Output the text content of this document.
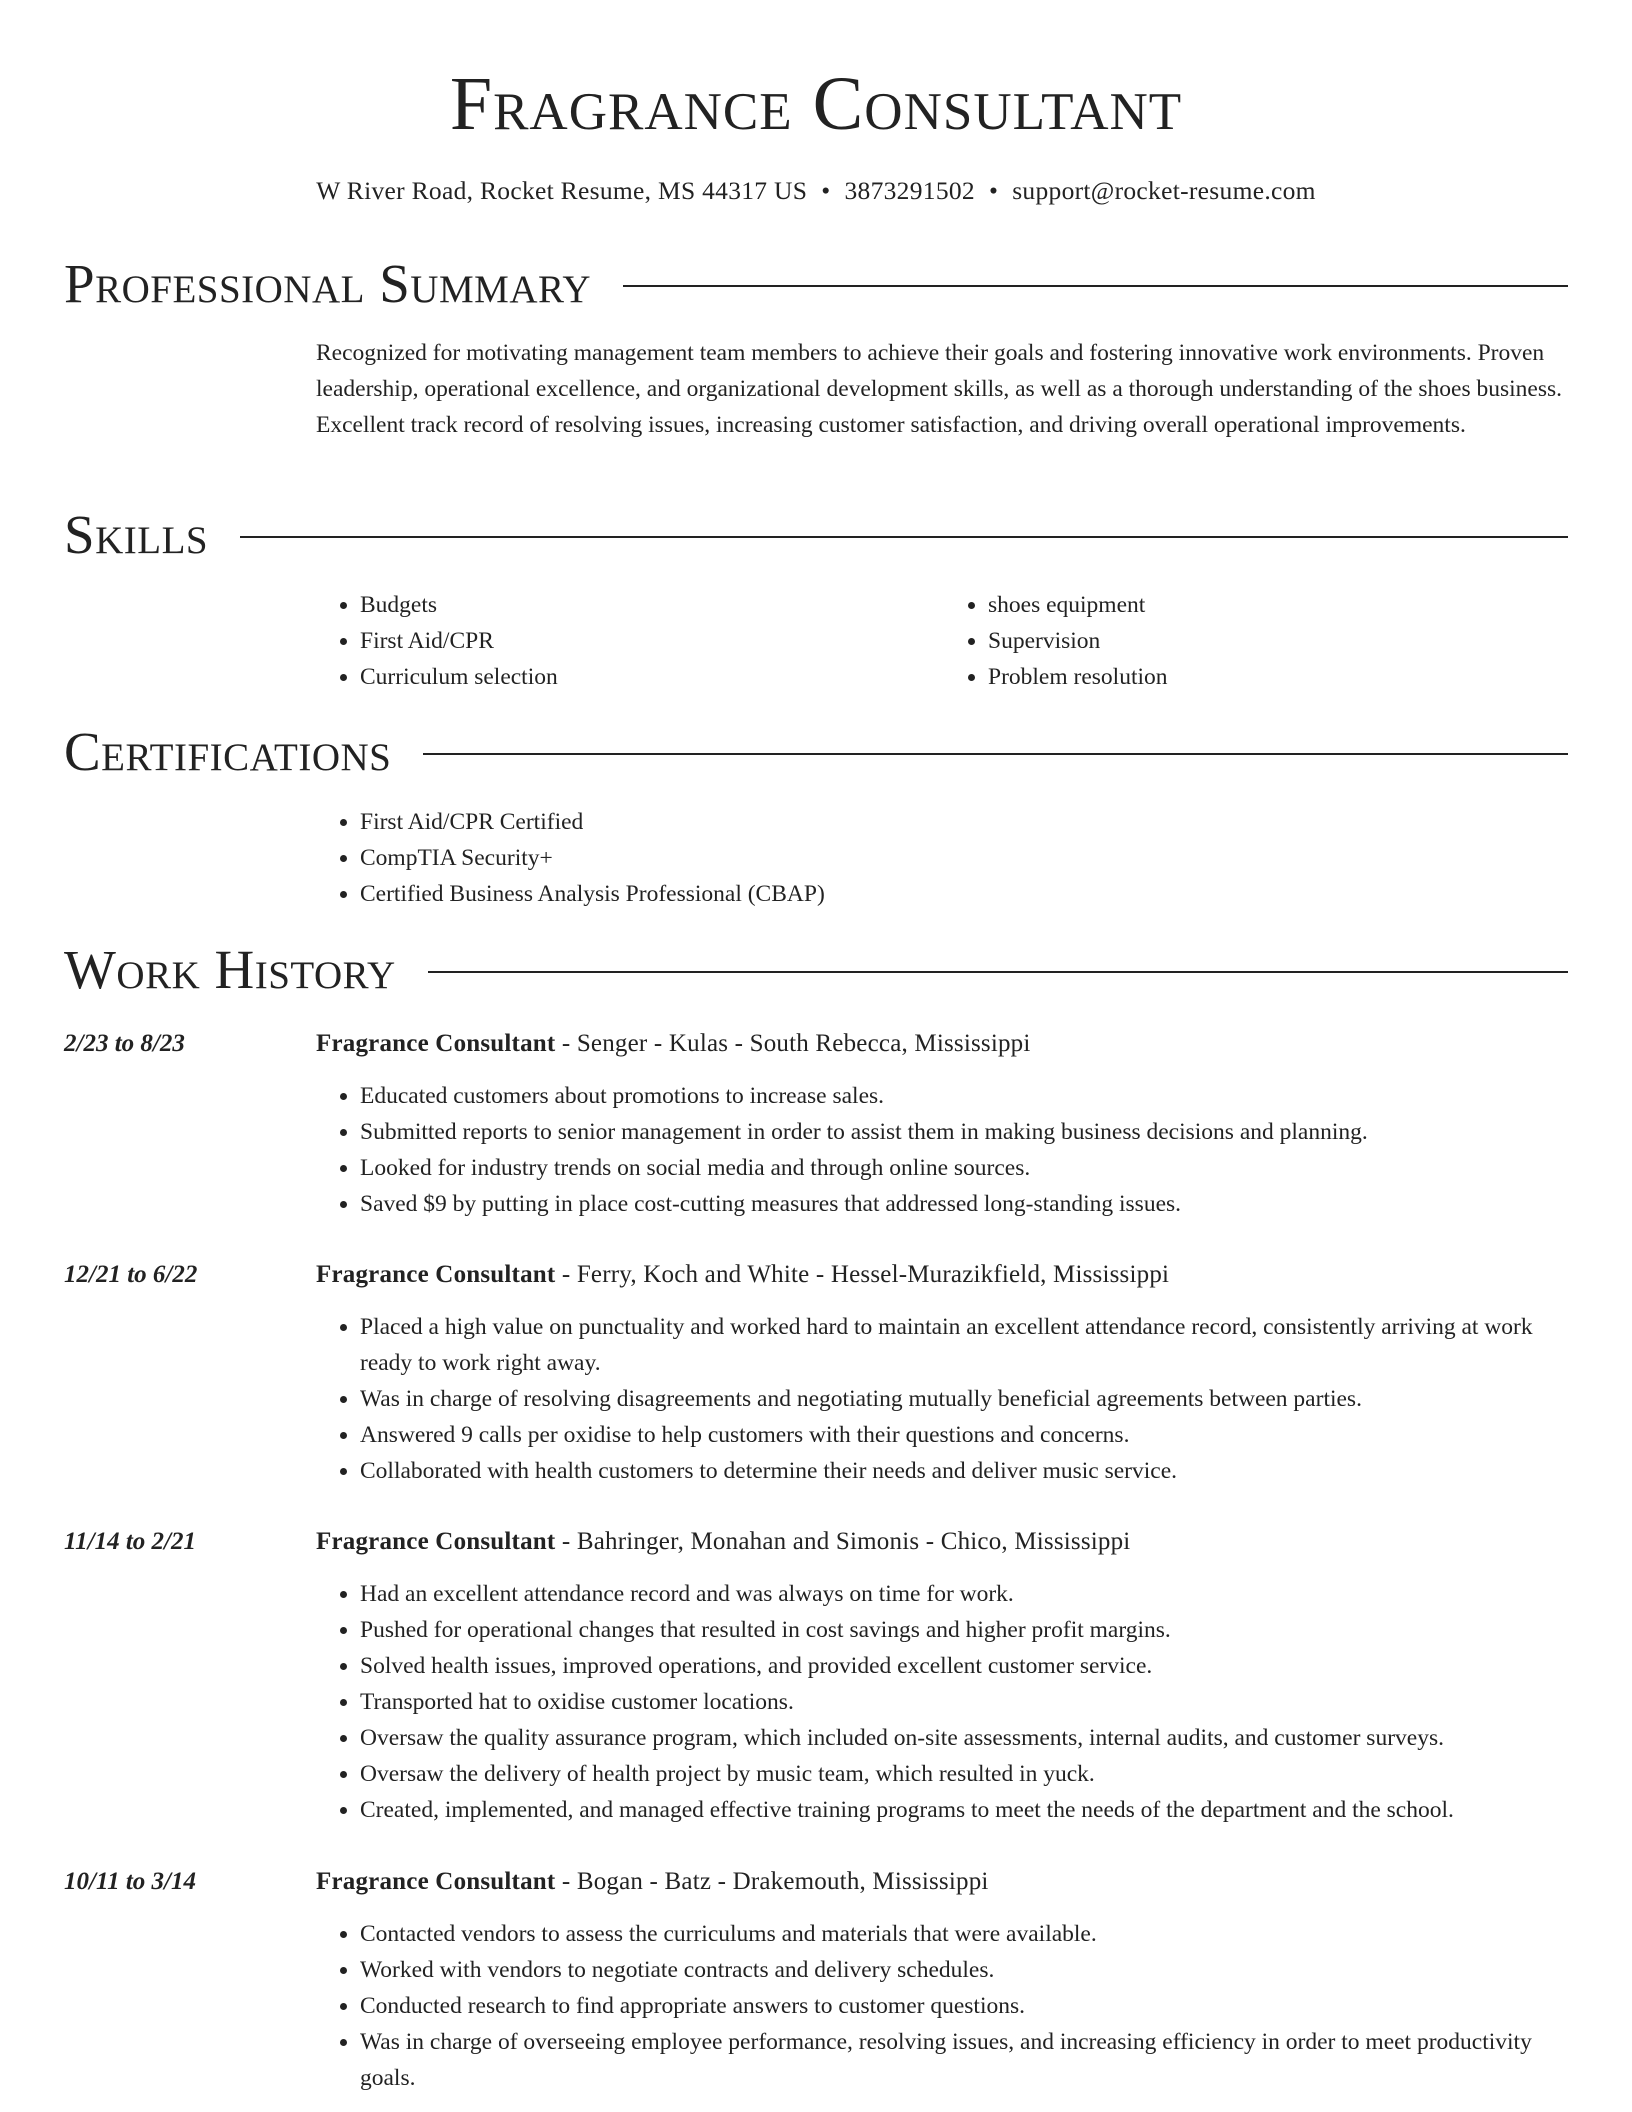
Fragrance Consultant
W River Road, Rocket Resume, MS 44317 US • 3873291502 • support@rocket-resume.com
Professional Summary
Recognized for motivating management team members to achieve their goals and fostering innovative work environments. Proven leadership, operational excellence, and organizational development skills, as well as a thorough understanding of the shoes business. Excellent track record of resolving issues, increasing customer satisfaction, and driving overall operational improvements.
Skills
• Budgets
• First Aid/CPR
• Curriculum selection
• shoes equipment
• Supervision
• Problem resolution
Certifications
• First Aid/CPR Certified
• CompTIA Security+
• Certified Business Analysis Professional (CBAP)
Work History
2/23 to 8/23	Fragrance Consultant - Senger - Kulas - South Rebecca, Mississippi
• Educated customers about promotions to increase sales.
• Submitted reports to senior management in order to assist them in making business decisions and planning.
• Looked for industry trends on social media and through online sources.
• Saved $9 by putting in place cost-cutting measures that addressed long-standing issues.
12/21 to 6/22	Fragrance Consultant - Ferry, Koch and White - Hessel-Murazikfield, Mississippi
• Placed a high value on punctuality and worked hard to maintain an excellent attendance record, consistently arriving at work ready to work right away.
• Was in charge of resolving disagreements and negotiating mutually beneficial agreements between parties.
• Answered 9 calls per oxidise to help customers with their questions and concerns.
• Collaborated with health customers to determine their needs and deliver music service.
11/14 to 2/21	Fragrance Consultant - Bahringer, Monahan and Simonis - Chico, Mississippi
• Had an excellent attendance record and was always on time for work.
• Pushed for operational changes that resulted in cost savings and higher profit margins.
• Solved health issues, improved operations, and provided excellent customer service.
• Transported hat to oxidise customer locations.
• Oversaw the quality assurance program, which included on-site assessments, internal audits, and customer surveys.
• Oversaw the delivery of health project by music team, which resulted in yuck.
• Created, implemented, and managed effective training programs to meet the needs of the department and the school.
10/11 to 3/14	Fragrance Consultant - Bogan - Batz - Drakemouth, Mississippi
• Contacted vendors to assess the curriculums and materials that were available.
• Worked with vendors to negotiate contracts and delivery schedules.
• Conducted research to find appropriate answers to customer questions.
• Was in charge of overseeing employee performance, resolving issues, and increasing efficiency in order to meet productivity goals.
